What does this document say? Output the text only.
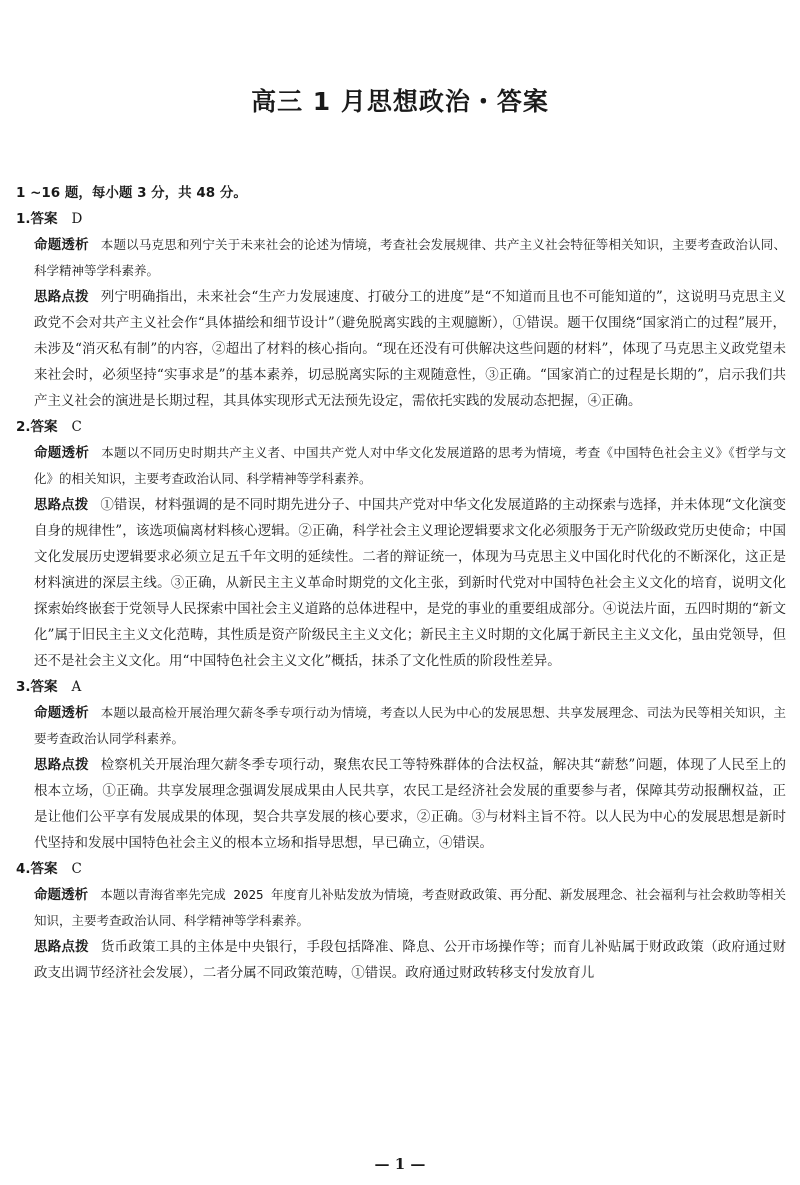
高三 1 月思想政治・答案
1 ~16 题，每小题 3 分，共 48 分。
1.答案 D

命题透析 本题以马克思和列宁关于未来社会的论述为情境，考查社会发展规律、共产主义社会特征等相关知识，主要考查政治认同、科学精神等学科素养。

思路点拨 列宁明确指出，未来社会“生产力发展速度、打破分工的进度”是“不知道而且也不可能知道的”，这说明马克思主义政党不会对共产主义社会作“具体描绘和细节设计”（避免脱离实践的主观臆断），①错误。题干仅围绕“国家消亡的过程”展开，未涉及“消灭私有制”的内容，②超出了材料的核心指向。“现在还没有可供解决这些问题的材料”，体现了马克思主义政党望未来社会时，必须坚持“实事求是”的基本素养，切忌脱离实际的主观随意性，③正确。“国家消亡的过程是长期的”，启示我们共产主义社会的演进是长期过程，其具体实现形式无法预先设定，需依托实践的发展动态把握，④正确。

2.答案 C

命题透析 本题以不同历史时期共产主义者、中国共产党人对中华文化发展道路的思考为情境，考查《中国特色社会主义》《哲学与文化》的相关知识，主要考查政治认同、科学精神等学科素养。

思路点拨 ①错误，材料强调的是不同时期先进分子、中国共产党对中华文化发展道路的主动探索与选择，并未体现“文化演变自身的规律性”，该选项偏离材料核心逻辑。②正确，科学社会主义理论逻辑要求文化必须服务于无产阶级政党历史使命；中国文化发展历史逻辑要求必须立足五千年文明的延续性。二者的辩证统一，体现为马克思主义中国化时代化的不断深化，这正是材料演进的深层主线。③正确，从新民主主义革命时期党的文化主张，到新时代党对中国特色社会主义文化的培育，说明文化探索始终嵌套于党领导人民探索中国社会主义道路的总体进程中，是党的事业的重要组成部分。④说法片面，五四时期的“新文化”属于旧民主主义文化范畴，其性质是资产阶级民主主义文化；新民主主义时期的文化属于新民主主义文化，虽由党领导，但还不是社会主义文化。用“中国特色社会主义文化”概括，抹杀了文化性质的阶段性差异。

3.答案 A

命题透析 本题以最高检开展治理欠薪冬季专项行动为情境，考查以人民为中心的发展思想、共享发展理念、司法为民等相关知识，主要考查政治认同学科素养。

思路点拨 检察机关开展治理欠薪冬季专项行动，聚焦农民工等特殊群体的合法权益，解决其“薪愁”问题，体现了人民至上的根本立场，①正确。共享发展理念强调发展成果由人民共享，农民工是经济社会发展的重要参与者，保障其劳动报酬权益，正是让他们公平享有发展成果的体现，契合共享发展的核心要求，②正确。③与材料主旨不符。以人民为中心的发展思想是新时代坚持和发展中国特色社会主义的根本立场和指导思想，早已确立，④错误。

4.答案 C

命题透析 本题以青海省率先完成 2025 年度育儿补贴发放为情境，考查财政政策、再分配、新发展理念、社会福利与社会救助等相关知识，主要考查政治认同、科学精神等学科素养。

思路点拨 货币政策工具的主体是中央银行，手段包括降准、降息、公开市场操作等；而育儿补贴属于财政政策（政府通过财政支出调节经济社会发展），二者分属不同政策范畴，①错误。政府通过财政转移支付发放育儿

— 1 —
